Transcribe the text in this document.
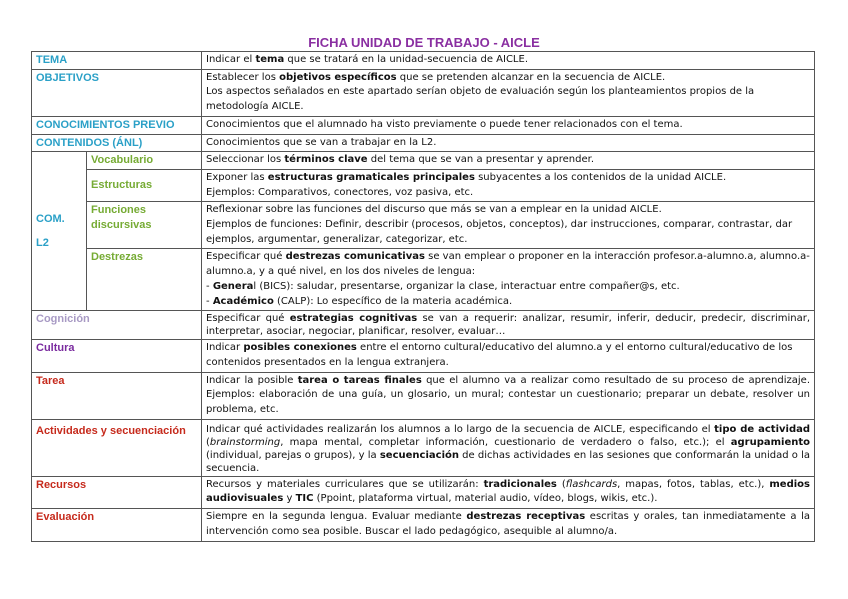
FICHA UNIDAD DE TRABAJO - AICLE
TEMA		Indicar el tema que se tratará en la unidad-secuencia de AICLE.
OBJETIVOS		Establecer los objetivos específicos que se pretenden alcanzar en la secuencia de AICLE.
Los aspectos señalados en este apartado serían objeto de evaluación según los planteamientos propios de la metodología AICLE.

CONOCIMIENTOS PREVIO		Conocimientos que el alumnado ha visto previamente o puede tener relacionados con el tema.
CONTENIDOS (ÁNL)		Conocimientos que se van a trabajar en la L2.

COM.
L2	Vocabulario	Seleccionar los términos clave del tema que se van a presentar y aprender.
	Estructuras	Exponer las estructuras gramaticales principales subyacentes a los contenidos de la unidad AICLE.
Ejemplos: Comparativos, conectores, voz pasiva, etc.

	Funciones discursivas	Reflexionar sobre las funciones del discurso que más se van a emplear en la unidad AICLE.
Ejemplos de funciones: Definir, describir (procesos, objetos, conceptos), dar instrucciones, comparar, contrastar, dar ejemplos, argumentar, generalizar, categorizar, etc.

	Destrezas	Especificar qué destrezas comunicativas se van emplear o proponer en la interacción profesor.a-alumno.a, alumno.a-alumno.a, y a qué nivel, en los dos niveles de lengua:
- General (BICS): saludar, presentarse, organizar la clase, interactuar entre compañer@s, etc.
- Académico (CALP): Lo específico de la materia académica.

Cognición		Especificar qué estrategias cognitivas se van a requerir: analizar, resumir, inferir, deducir, predecir, discriminar, interpretar, asociar, negociar, planificar, resolver, evaluar…
Cultura		Indicar posibles conexiones entre el entorno cultural/educativo del alumno.a y el entorno cultural/educativo de los contenidos presentados en la lengua extranjera.
Tarea		Indicar la posible tarea o tareas finales que el alumno va a realizar como resultado de su proceso de aprendizaje. Ejemplos: elaboración de una guía, un glosario, un mural; contestar un cuestionario; preparar un debate, resolver un problema, etc.
Actividades y secuenciación		Indicar qué actividades realizarán los alumnos a lo largo de la secuencia de AICLE, especificando el tipo de actividad (brainstorming, mapa mental, completar información, cuestionario de verdadero o falso, etc.); el agrupamiento (individual, parejas o grupos), y la secuenciación de dichas actividades en las sesiones que conformarán la unidad o la secuencia.
Recursos		Recursos y materiales curriculares que se utilizarán: tradicionales (flashcards, mapas, fotos, tablas, etc.), medios audiovisuales y TIC (Ppoint, plataforma virtual, material audio, vídeo, blogs, wikis, etc.).
Evaluación		Siempre en la segunda lengua. Evaluar mediante destrezas receptivas escritas y orales, tan inmediatamente a la intervención como sea posible. Buscar el lado pedagógico, asequible al alumno/a.
